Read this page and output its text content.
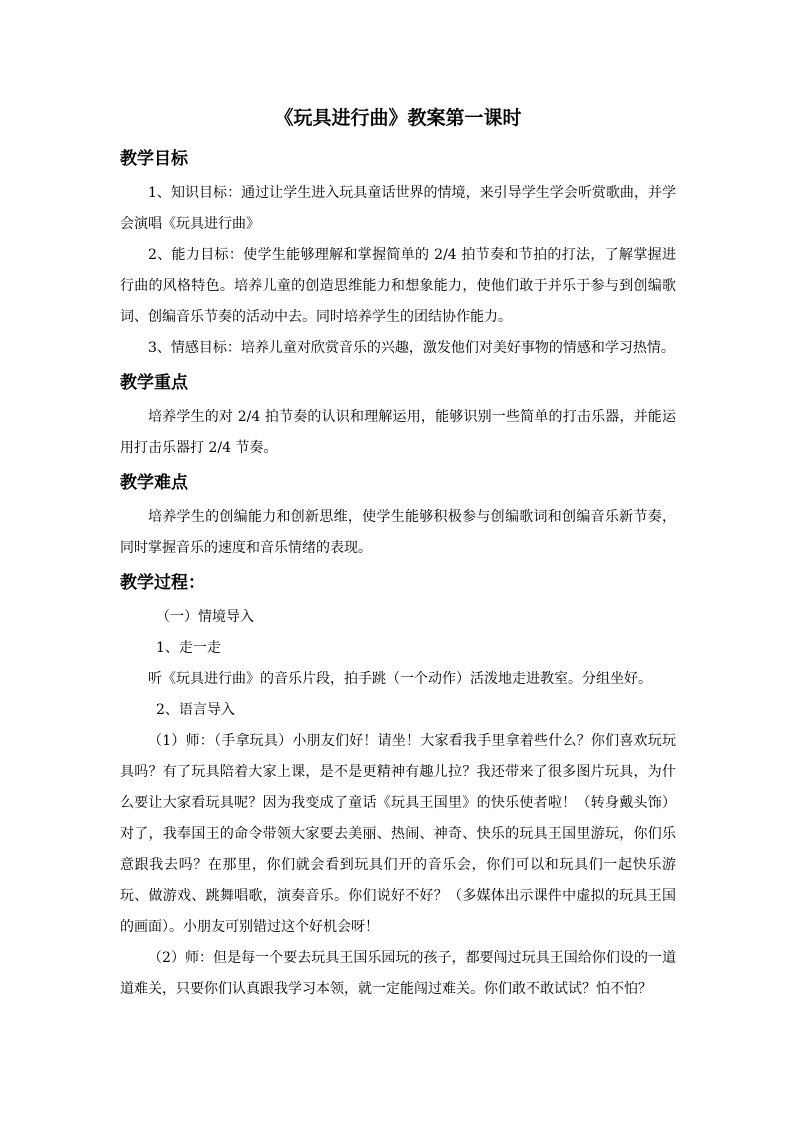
《玩具进行曲》教案第一课时
教学目标

1、知识目标：通过让学生进入玩具童话世界的情境，来引导学生学会听赏歌曲，并学会演唱《玩具进行曲》

2、能力目标：使学生能够理解和掌握简单的 2/4 拍节奏和节拍的打法，了解掌握进行曲的风格特色。培养儿童的创造思维能力和想象能力，使他们敢于并乐于参与到创编歌词、创编音乐节奏的活动中去。同时培养学生的团结协作能力。

3、情感目标：培养儿童对欣赏音乐的兴趣，激发他们对美好事物的情感和学习热情。

教学重点

培养学生的对 2/4 拍节奏的认识和理解运用，能够识别一些简单的打击乐器，并能运用打击乐器打 2/4 节奏。

教学难点

培养学生的创编能力和创新思维，使学生能够积极参与创编歌词和创编音乐新节奏，同时掌握音乐的速度和音乐情绪的表现。

教学过程：

（一）情境导入

1、走一走

听《玩具进行曲》的音乐片段，拍手跳（一个动作）活泼地走进教室。分组坐好。

2、语言导入

（1）师：（手拿玩具）小朋友们好！请坐！大家看我手里拿着些什么？你们喜欢玩玩具吗？有了玩具陪着大家上课，是不是更精神有趣儿拉？我还带来了很多图片玩具，为什么要让大家看玩具呢？因为我变成了童话《玩具王国里》的快乐使者啦！（转身戴头饰）对了，我奉国王的命令带领大家要去美丽、热闹、神奇、快乐的玩具王国里游玩，你们乐意跟我去吗？在那里，你们就会看到玩具们开的音乐会，你们可以和玩具们一起快乐游玩、做游戏、跳舞唱歌，演奏音乐。你们说好不好？（多媒体出示课件中虚拟的玩具王国的画面）。小朋友可别错过这个好机会呀！

（2）师：但是每一个要去玩具王国乐园玩的孩子，都要闯过玩具王国给你们设的一道道难关，只要你们认真跟我学习本领，就一定能闯过难关。你们敢不敢试试？怕不怕？
